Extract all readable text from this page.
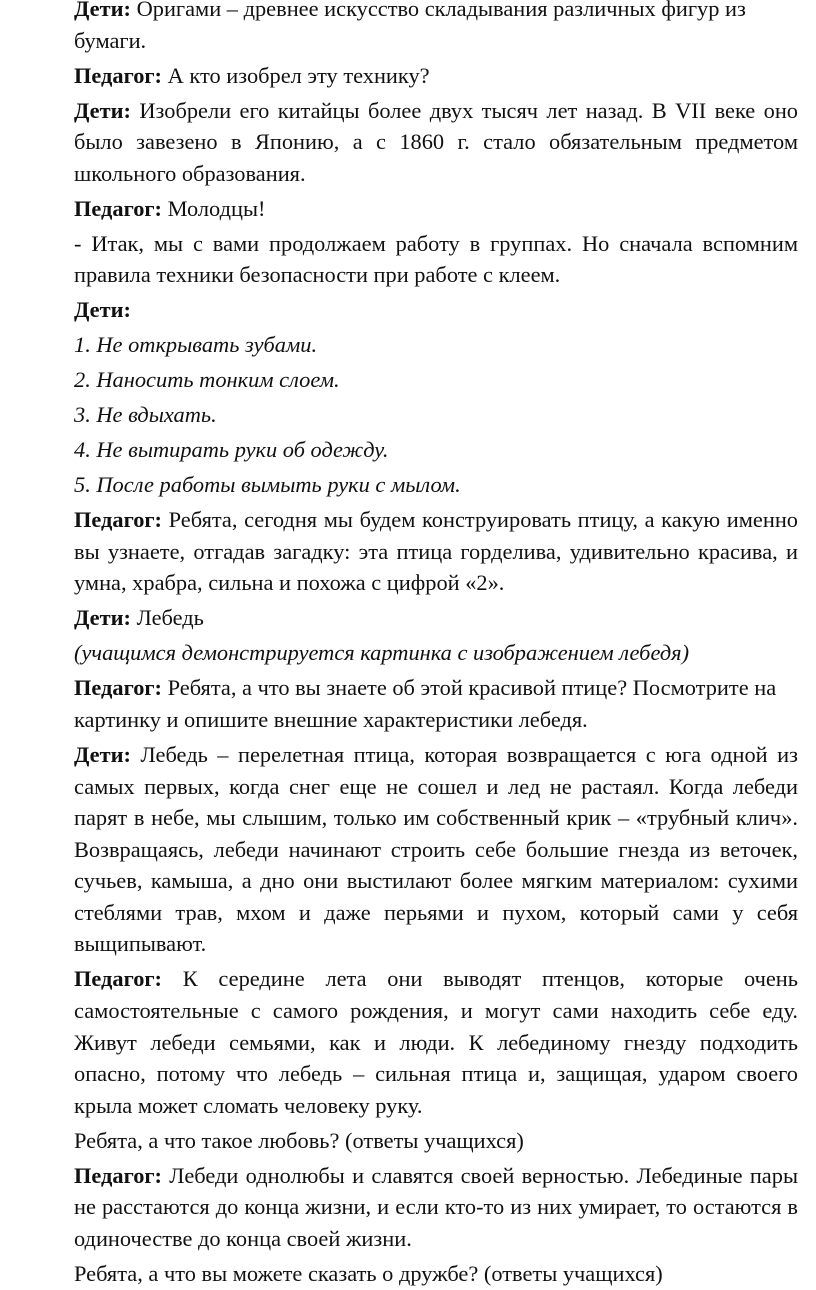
Дети: Оригами – древнее искусство складывания различных фигур из бумаги.

Педагог: А кто изобрел эту технику?

Дети: Изобрели его китайцы более двух тысяч лет назад. В VII веке оно было завезено в Японию, а с 1860 г. стало обязательным предметом школьного образования.

Педагог: Молодцы!

- Итак, мы с вами продолжаем работу в группах. Но сначала вспомним правила техники безопасности при работе с клеем.

Дети:

1. Не открывать зубами.

2. Наносить тонким слоем.

3. Не вдыхать.

4. Не вытирать руки об одежду.

5. После работы вымыть руки с мылом.

Педагог: Ребята, сегодня мы будем конструировать птицу, а какую именно вы узнаете, отгадав загадку: эта птица горделива, удивительно красива, и умна, храбра, сильна и похожа с цифрой «2».

Дети: Лебедь

(учащимся демонстрируется картинка с изображением лебедя)

Педагог: Ребята, а что вы знаете об этой красивой птице? Посмотрите на картинку и опишите внешние характеристики лебедя.

Дети: Лебедь – перелетная птица, которая возвращается с юга одной из самых первых, когда снег еще не сошел и лед не растаял. Когда лебеди парят в небе, мы слышим, только им собственный крик – «трубный клич». Возвращаясь, лебеди начинают строить себе большие гнезда из веточек, сучьев, камыша, а дно они выстилают более мягким материалом: сухими стеблями трав, мхом и даже перьями и пухом, который сами у себя выщипывают.

Педагог: К середине лета они выводят птенцов, которые очень самостоятельные с самого рождения, и могут сами находить себе еду. Живут лебеди семьями, как и люди. К лебединому гнезду подходить опасно, потому что лебедь – сильная птица и, защищая, ударом своего крыла может сломать человеку руку.

Ребята, а что такое любовь? (ответы учащихся)

Педагог: Лебеди однолюбы и славятся своей верностью. Лебединые пары не расстаются до конца жизни, и если кто-то из них умирает, то остаются в одиночестве до конца своей жизни.

Ребята, а что вы можете сказать о дружбе? (ответы учащихся)
